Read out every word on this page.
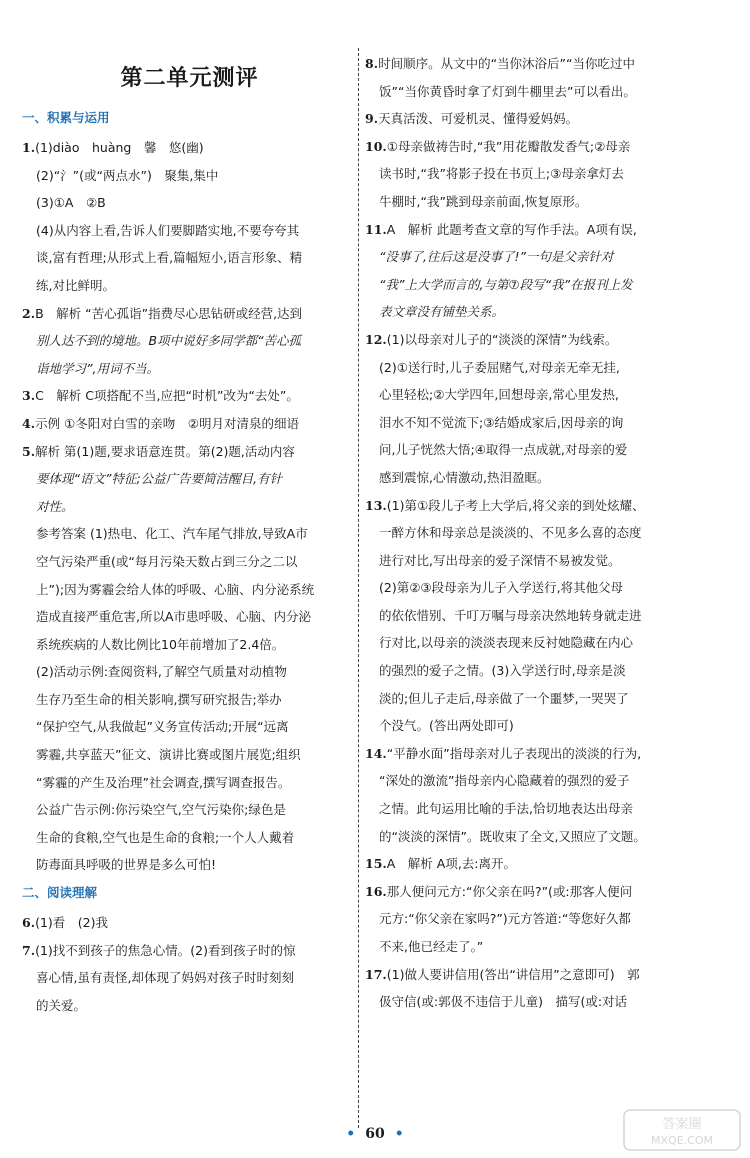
第二单元测评
一、积累与运用
1.(1)diào　huàng　馨　悠(幽)
(2)“氵”(或“两点水”)　聚集,集中
(3)①A　②B
(4)从内容上看,告诉人们要脚踏实地,不要夸夸其
谈,富有哲理;从形式上看,篇幅短小,语言形象、精
练,对比鲜明。
2.B　解析 “苦心孤诣”指费尽心思钻研或经营,达到
别人达不到的境地。B项中说好多同学都“苦心孤
诣地学习”,用词不当。
3.C　解析 C项搭配不当,应把“时机”改为“去处”。
4.示例 ①冬阳对白雪的亲吻　②明月对清泉的细语
5.解析 第(1)题,要求语意连贯。第(2)题,活动内容
要体现“语文”特征;公益广告要简洁醒目,有针
对性。
参考答案 (1)热电、化工、汽车尾气排放,导致A市
空气污染严重(或“每月污染天数占到三分之二以
上”);因为雾霾会给人体的呼吸、心脑、内分泌系统
造成直接严重危害,所以A市患呼吸、心脑、内分泌
系统疾病的人数比例比10年前增加了2.4倍。
(2)活动示例:查阅资料,了解空气质量对动植物
生存乃至生命的相关影响,撰写研究报告;举办
“保护空气,从我做起”义务宣传活动;开展“远离
雾霾,共享蓝天”征文、演讲比赛或图片展览;组织
“雾霾的产生及治理”社会调查,撰写调查报告。
公益广告示例:你污染空气,空气污染你;绿色是
生命的食粮,空气也是生命的食粮;一个人人戴着
防毒面具呼吸的世界是多么可怕!
二、阅读理解
6.(1)看　(2)我
7.(1)找不到孩子的焦急心情。(2)看到孩子时的惊
喜心情,虽有责怪,却体现了妈妈对孩子时时刻刻
的关爱。
8.时间顺序。从文中的“当你沐浴后”“当你吃过中
饭”“当你黄昏时拿了灯到牛棚里去”可以看出。
9.天真活泼、可爱机灵、懂得爱妈妈。
10.①母亲做祷告时,“我”用花瓣散发香气;②母亲
读书时,“我”将影子投在书页上;③母亲拿灯去
牛棚时,“我”跳到母亲前面,恢复原形。
11.A　解析 此题考查文章的写作手法。A项有误,
“没事了,往后这是没事了!”一句是父亲针对
“我”上大学而言的,与第⑦段写“我”在报刊上发
表文章没有铺垫关系。
12.(1)以母亲对儿子的“淡淡的深情”为线索。
(2)①送行时,儿子委屈赌气,对母亲无牵无挂,
心里轻松;②大学四年,回想母亲,常心里发热,
泪水不知不觉流下;③结婚成家后,因母亲的询
问,儿子恍然大悟;④取得一点成就,对母亲的爱
感到震惊,心情激动,热泪盈眶。
13.(1)第①段儿子考上大学后,将父亲的到处炫耀、
一醉方休和母亲总是淡淡的、不见多么喜的态度
进行对比,写出母亲的爱子深情不易被发觉。
(2)第②③段母亲为儿子入学送行,将其他父母
的依依惜别、千叮万嘱与母亲决然地转身就走进
行对比,以母亲的淡淡表现来反衬她隐藏在内心
的强烈的爱子之情。(3)入学送行时,母亲是淡
淡的;但儿子走后,母亲做了一个噩梦,一哭哭了
个没气。(答出两处即可)
14.“平静水面”指母亲对儿子表现出的淡淡的行为,
“深处的激流”指母亲内心隐藏着的强烈的爱子
之情。此句运用比喻的手法,恰切地表达出母亲
的“淡淡的深情”。既收束了全文,又照应了文题。
15.A　解析 A项,去:离开。
16.那人便问元方:“你父亲在吗?”(或:那客人便问
元方:“你父亲在家吗?”)元方答道:“等您好久都
不来,他已经走了。”
17.(1)做人要讲信用(答出“讲信用”之意即可)　郭
伋守信(或:郭伋不违信于儿童)　描写(或:对话
• 60 •
答案圈
MXQE.COM
